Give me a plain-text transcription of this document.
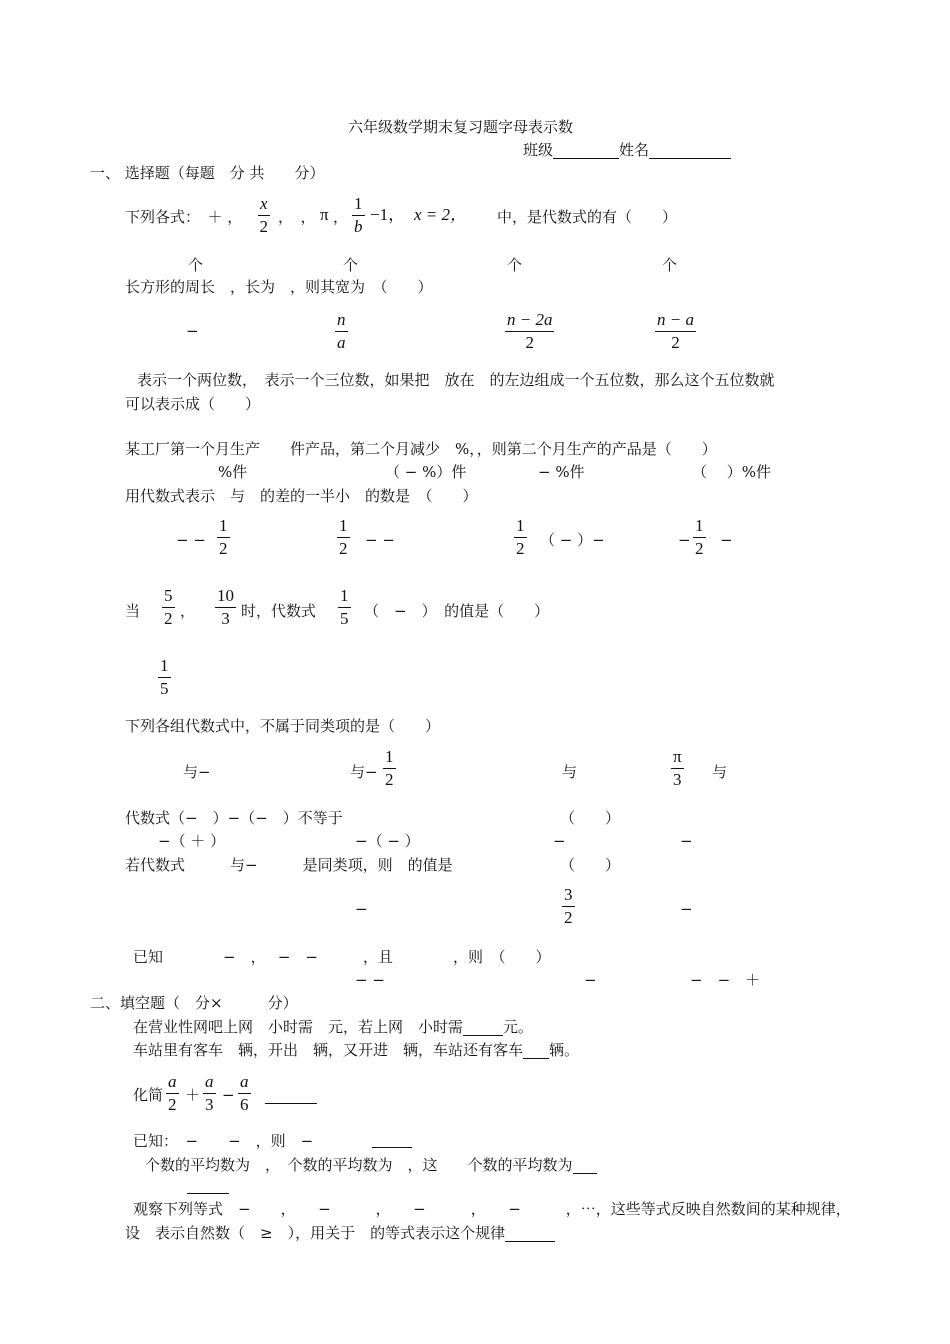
六年级数学期末复习题字母表示数
班级	姓名
一、 选择题（每题　分 共　　分）
下列各式：　＋ ，
x
2 ，　， π ，
1
b
−1， x = 2， 中，是代数式的有（　　）
个	个	个	个
长方形的周长　，长为　，则其宽为　（　　）
−
n
a
n − 2a
2
n − a
2
表示一个两位数，　表示一个三位数，如果把　放在　的左边组成一个五位数，那么这个五位数就
可以表示成（　　）
某工厂第一个月生产　　件产品，第二个月减少　%，，则第二个月生产的产品是（　　）
%件	（ − %）件	− %件	（　 ）%件
用代数式表示　与　的差的一半小　的数是　（　　）
− −
1
2
1
2 − −
1
2 （ − ）−	−
1
2 −
当
5
2 ，
10
3 时，代数式
1
5 （　−　）　的值是（　　）
1
5
下列各组代数式中，不属于同类项的是（　　）
与−	与−
1
2	与
π
3 与
代数式（−　）−（−　）不等于	（　　）
−（ ＋ ）	−（ − ）	−	−
若代数式　　　与−　　　是同类项，则　的值是	（　　）
−
3
2	−
已知　　　　−　，　 −　−　　　，且　　　　，则　（　　）
− −	−	−　−　＋
二、填空题（　分×　　　分）
在营业性网吧上网　小时需　元，若上网　小时需	元。
车站里有客车　辆，开出　辆，又开进　辆，车站还有客车 辆。
化简
a
2 ＋
a
3 −
a
6
已知：　−　　−　，则　−
个数的平均数为　，　个数的平均数为　，这　　个数的平均数为
观察下列等式　−　　，　　−　　　，　　−　　　，　　−　　　，⋯，这些等式反映自然数间的某种规律，
设　表示自然数（　≥　），用关于　的等式表示这个规律
